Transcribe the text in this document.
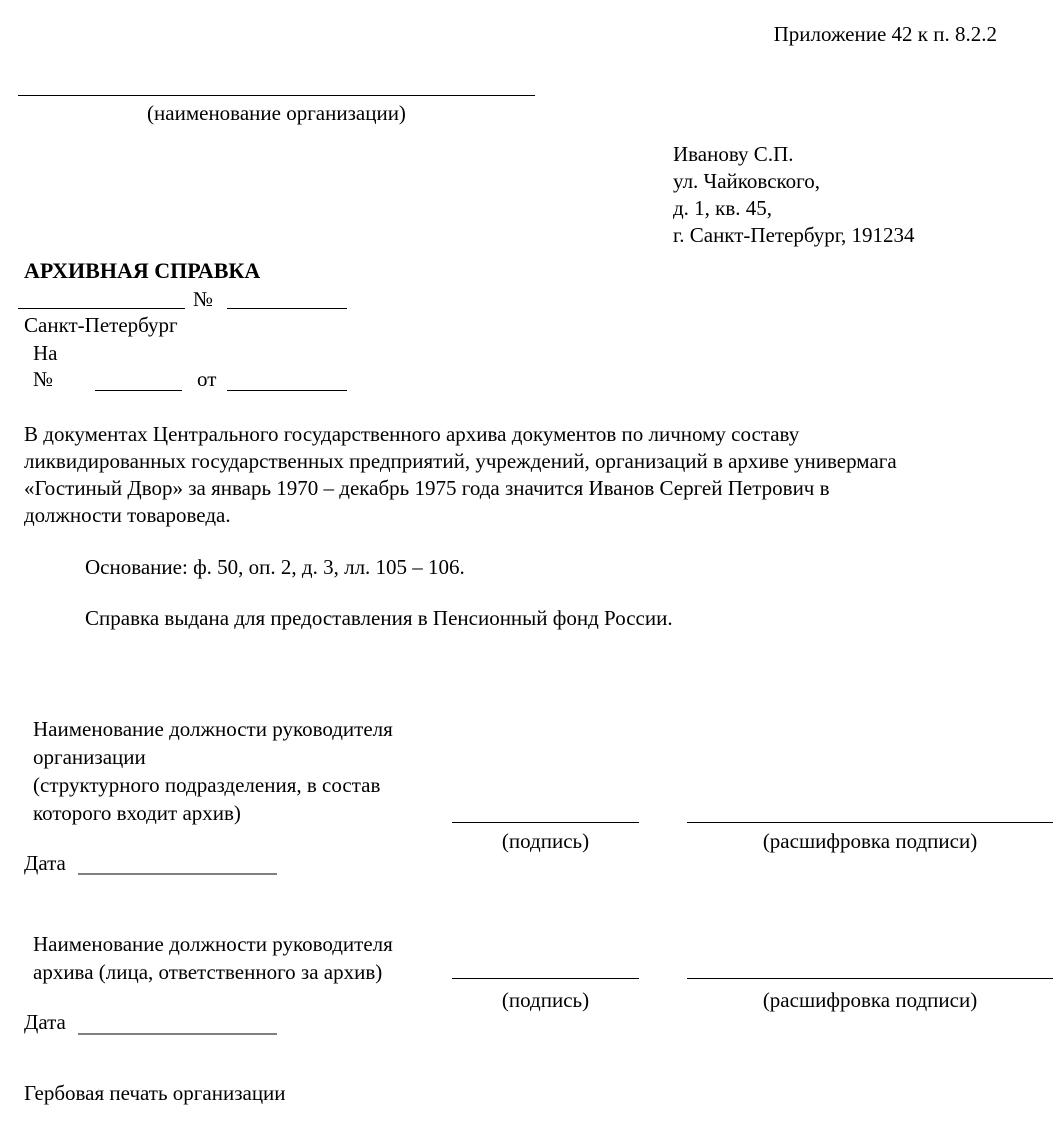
Приложение 42 к п. 8.2.2
(наименование организации)
Иванову С.П.
ул. Чайковского,
д. 1, кв. 45,
г. Санкт-Петербург, 191234
АРХИВНАЯ СПРАВКА
№
Санкт-Петербург
На
№	от
В документах Центрального государственного архива документов по личному составу
ликвидированных государственных предприятий, учреждений, организаций в архиве универмага
«Гостиный Двор» за январь 1970 – декабрь 1975 года значится Иванов Сергей Петрович в
должности товароведа.
Основание: ф. 50, оп. 2, д. 3, лл. 105 – 106.
Справка выдана для предоставления в Пенсионный фонд России.
Наименование должности руководителя
организации
(структурного подразделения, в состав
которого входит архив)
(подпись)	(расшифровка подписи)
Дата
Наименование должности руководителя
архива (лица, ответственного за архив)
(подпись)	(расшифровка подписи)
Дата
Гербовая печать организации
